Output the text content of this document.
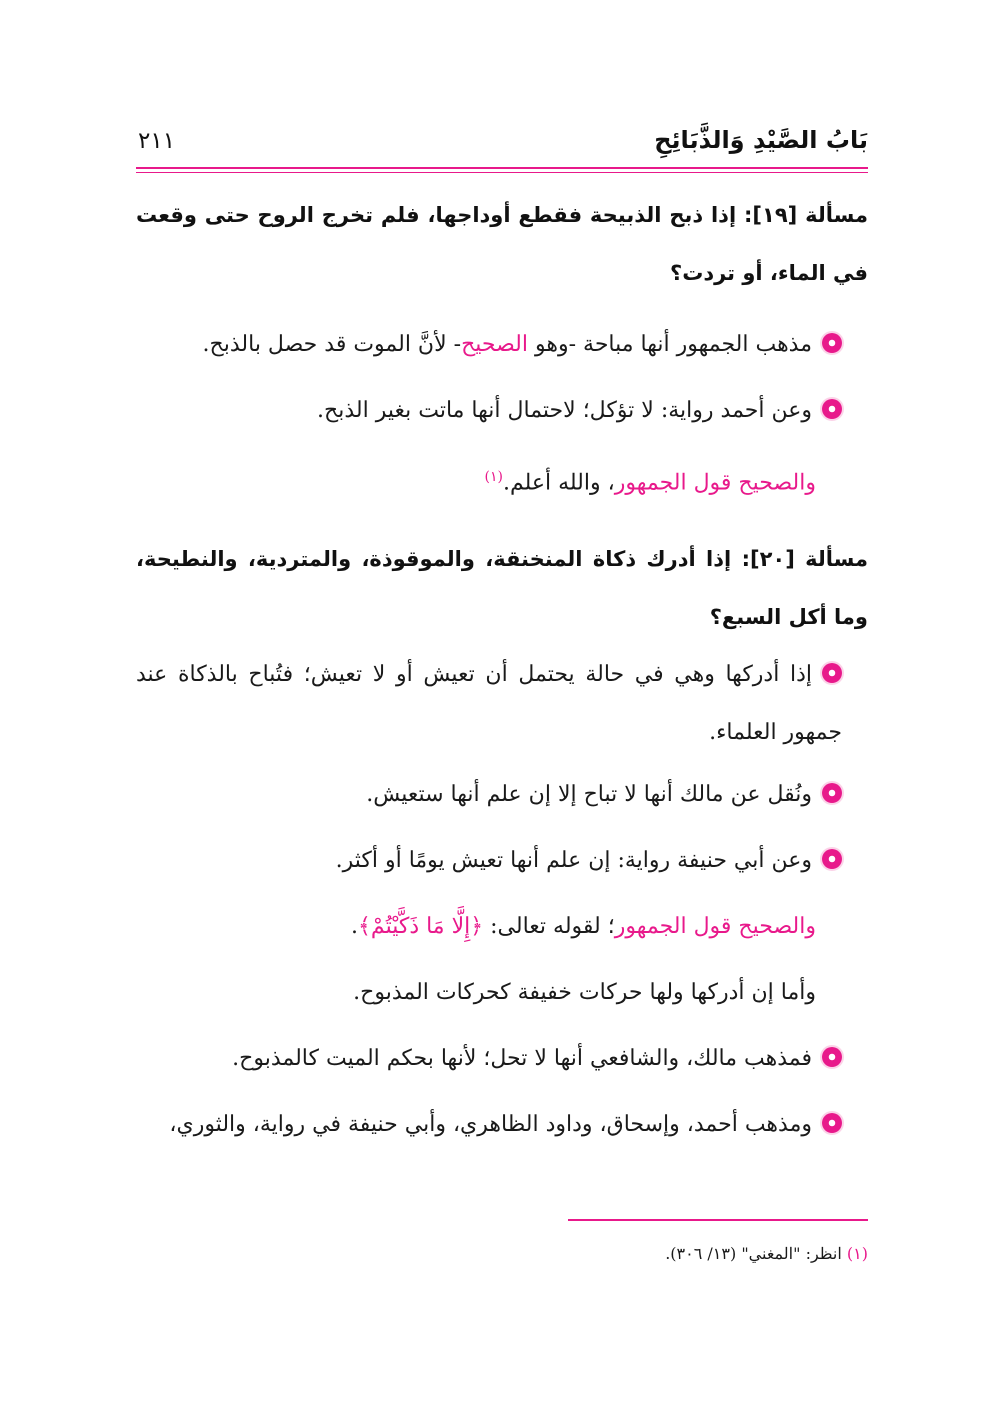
بَابُ الصَّيْدِ وَالذَّبَائِحِ
٢١١
مسألة [١٩]: إذا ذبح الذبيحة فقطع أوداجها، فلم تخرج الروح حتى وقعت في الماء، أو تردت؟
مذهب الجمهور أنها مباحة -وهو الصحيح- لأنَّ الموت قد حصل بالذبح.
وعن أحمد رواية: لا تؤكل؛ لاحتمال أنها ماتت بغير الذبح.
والصحيح قول الجمهور، والله أعلم.$^{(١)}$
مسألة [٢٠]: إذا أدرك ذكاة المنخنقة، والموقوذة، والمتردية، والنطيحة، وما أكل السبع؟
إذا أدركها وهي في حالة يحتمل أن تعيش أو لا تعيش؛ فتُباح بالذكاة عند جمهور العلماء.
ونُقل عن مالك أنها لا تباح إلا إن علم أنها ستعيش.
وعن أبي حنيفة رواية: إن علم أنها تعيش يومًا أو أكثر.
والصحيح قول الجمهور؛ لقوله تعالى: ﴿إِلَّا مَا ذَكَّيْتُمْ﴾.
وأما إن أدركها ولها حركات خفيفة كحركات المذبوح.
فمذهب مالك، والشافعي أنها لا تحل؛ لأنها بحكم الميت كالمذبوح.
ومذهب أحمد، وإسحاق، وداود الظاهري، وأبي حنيفة في رواية، والثوري،
(١) انظر: "المغني" (١٣/ ٣٠٦).
